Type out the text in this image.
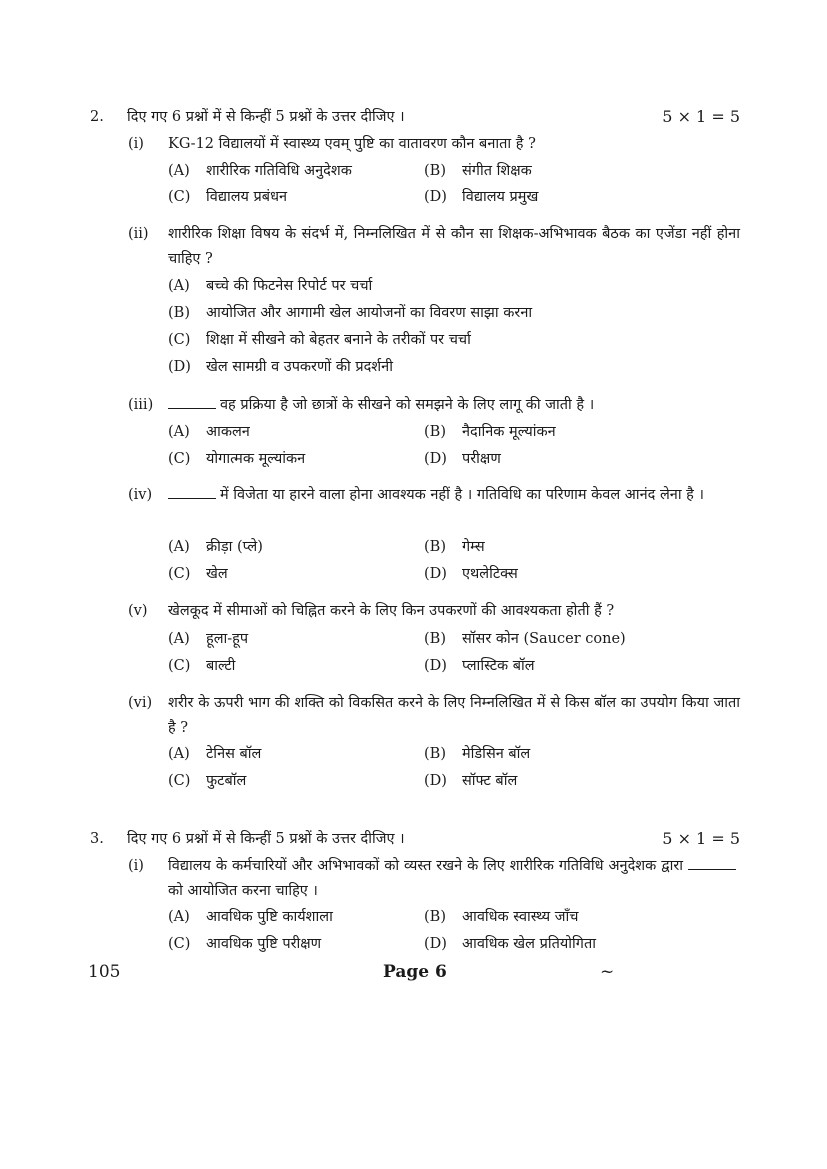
2. दिए गए 6 प्रश्नों में से किन्हीं 5 प्रश्नों के उत्तर दीजिए ।	5 × 1 = 5
(i) KG-12 विद्यालयों में स्वास्थ्य एवम् पुष्टि का वातावरण कौन बनाता है ?
(A) शारीरिक गतिविधि अनुदेशक	(B) संगीत शिक्षक
(C) विद्यालय प्रबंधन	(D) विद्यालय प्रमुख
(ii) शारीरिक शिक्षा विषय के संदर्भ में, निम्नलिखित में से कौन सा शिक्षक-अभिभावक बैठक का एजेंडा नहीं होना चाहिए ?
(A) बच्चे की फिटनेस रिपोर्ट पर चर्चा
(B) आयोजित और आगामी खेल आयोजनों का विवरण साझा करना
(C) शिक्षा में सीखने को बेहतर बनाने के तरीकों पर चर्चा
(D) खेल सामग्री व उपकरणों की प्रदर्शनी
(iii)	वह प्रक्रिया है जो छात्रों के सीखने को समझने के लिए लागू की जाती है ।
(A) आकलन	(B) नैदानिक मूल्यांकन
(C) योगात्मक मूल्यांकन	(D) परीक्षण
(iv)	में विजेता या हारने वाला होना आवश्यक नहीं है । गतिविधि का परिणाम केवल आनंद लेना है ।
(A) क्रीड़ा (प्ले)	(B) गेम्स
(C) खेल	(D) एथलेटिक्स
(v) खेलकूद में सीमाओं को चिह्नित करने के लिए किन उपकरणों की आवश्यकता होती हैं ?
(A) हूला-हूप	(B) सॉसर कोन (Saucer cone)
(C) बाल्टी	(D) प्लास्टिक बॉल
(vi) शरीर के ऊपरी भाग की शक्ति को विकसित करने के लिए निम्नलिखित में से किस बॉल का उपयोग किया जाता है ?
(A) टेनिस बॉल	(B) मेडिसिन बॉल
(C) फुटबॉल	(D) सॉफ्ट बॉल
3. दिए गए 6 प्रश्नों में से किन्हीं 5 प्रश्नों के उत्तर दीजिए ।	5 × 1 = 5
(i) विद्यालय के कर्मचारियों और अभिभावकों को व्यस्त रखने के लिए शारीरिक गतिविधि अनुदेशक द्वारा को आयोजित करना चाहिए ।
(A) आवधिक पुष्टि कार्यशाला	(B) आवधिक स्वास्थ्य जाँच
(C) आवधिक पुष्टि परीक्षण	(D) आवधिक खेल प्रतियोगिता
105	Page 6	~
